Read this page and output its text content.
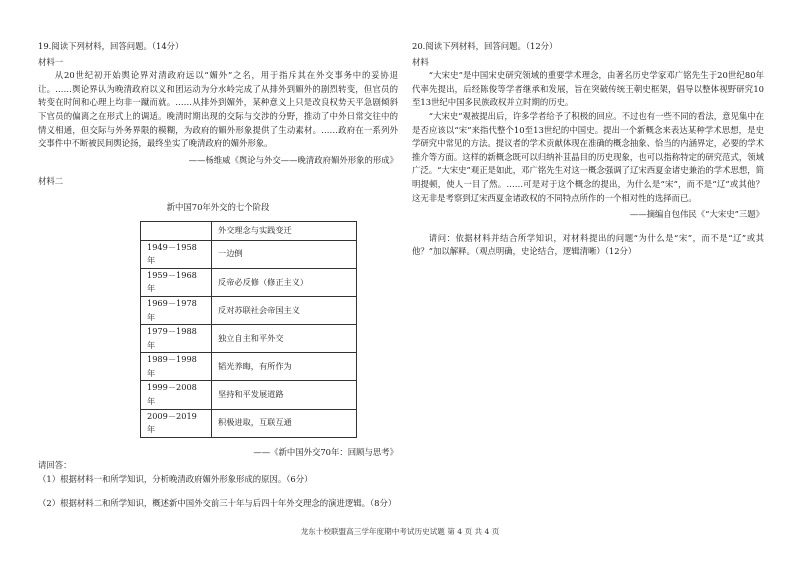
19.阅读下列材料，回答问题。（14分）

材料一

从20世纪初开始舆论界对清政府远以“媚外”之名，用于指斥其在外交事务中的妥协退让。……舆论界认为晚清政府以义和团运动为分水岭完成了从排外到媚外的剧烈转变，但官员的转变在时间和心理上均非一蹴而就。……从排外到媚外，某种意义上只是改良权势天平急剧倾斜下官员的偏离之在形式上的调适。晚清时期出现的交际与交涉的分野，推动了中外日常交往中的情义相通，但交际与外务界限的模糊，为政府的媚外形象提供了生动素材。……政府在一系列外交事件中不断被民间舆论扬，最终坐实了晚清政府的媚外形象。

——杨维威《舆论与外交——晚清政府媚外形象的形成》

材料二

新中国70年外交的七个阶段

	外交理念与实践变迁
1949－1958 年	一边倒
1959－1968 年	反帝必反修（修正主义）
1969－1978 年	反对苏联社会帝国主义
1979－1988 年	独立自主和平外交
1989－1998 年	韬光养晦，有所作为
1999－2008 年	坚持和平发展道路
2009－2019 年	积极进取，互联互通

——《新中国外交70年：回顾与思考》

请回答：

（1）根据材料一和所学知识，分析晚清政府媚外形象形成的原因。（6分）

（2）根据材料二和所学知识，概述新中国外交前三十年与后四十年外交理念的演进逻辑。（8分）

20.阅读下列材料，回答问题。（12分）

材料

“大宋史”是中国宋史研究领域的重要学术理念，由著名历史学家邓广铭先生于20世纪80年代率先提出，后经陈俊等学者继承和发展，旨在突破传统王朝史框架，倡导以整体视野研究10至13世纪中国多民族政权并立时期的历史。

“大宋史”观被提出后，许多学者给予了积极的回应。不过也有一些不同的看法，意见集中在是否应该以“宋”来指代整个10至13世纪的中国史。提出一个新概念来表达某种学术思想，是史学研究中常见的方法。提议者的学术贡献体现在准确的概念抽象、恰当的内涵界定，必要的学术推介等方面。这样的新概念既可以归纳补苴晶目的历史现象，也可以指称特定的研究范式，领域广泛。“大宋史”观正是如此，邓广铭先生对这一概念强调了辽宋西夏金诸史兼治的学术思想，简明提顿，使人一目了然。……可是对于这个概念的提出，为什么是“宋”，而不是“辽”或其他？这无非是考察到辽宋西夏金诸政权的不同特点所作的一个相对性的选择而已。

——摘编自包伟民《“大宋史”三题》

请问：依据材料并结合所学知识，对材料提出的问题“为什么是“宋”，而不是“辽”或其他？”加以解释。（观点明确，史论结合，逻辑清晰）（12分）

龙东十校联盟高三学年度期中考试历史试题 第 4 页 共 4 页
